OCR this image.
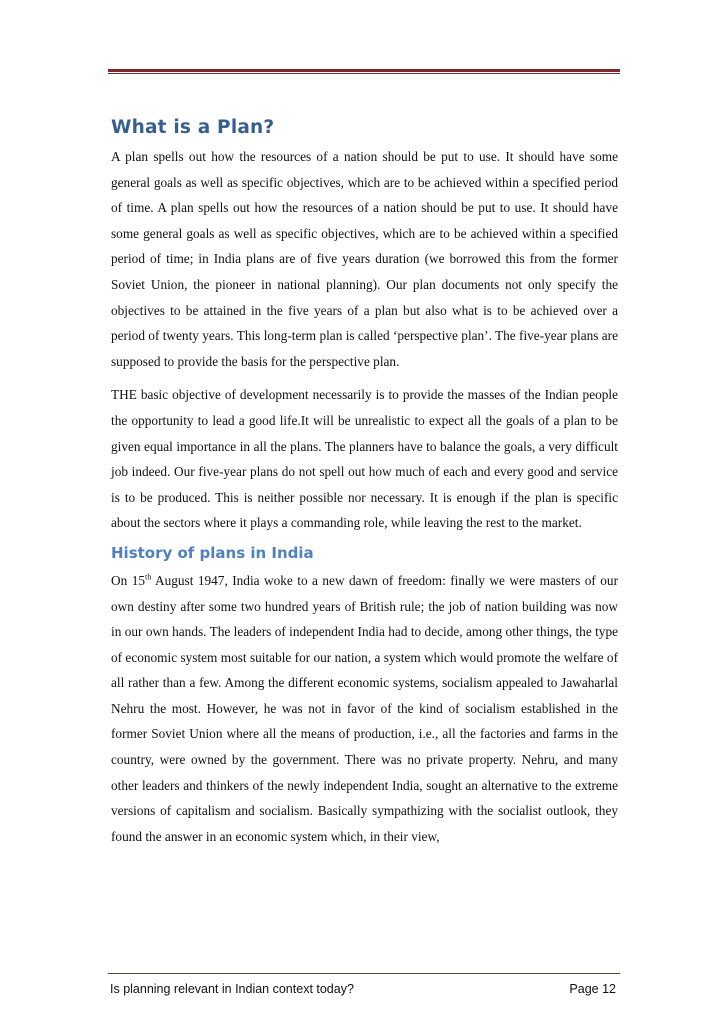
What is a Plan?

A plan spells out how the resources of a nation should be put to use. It should have some general goals as well as specific objectives, which are to be achieved within a specified period of time. A plan spells out how the resources of a nation should be put to use. It should have some general goals as well as specific objectives, which are to be achieved within a specified period of time; in India plans are of five years duration (we borrowed this from the former Soviet Union, the pioneer in national planning). Our plan documents not only specify the objectives to be attained in the five years of a plan but also what is to be achieved over a period of twenty years. This long-term plan is called ‘perspective plan’. The five-year plans are supposed to provide the basis for the perspective plan.

THE basic objective of development necessarily is to provide the masses of the Indian people the opportunity to lead a good life.It will be unrealistic to expect all the goals of a plan to be given equal importance in all the plans. The planners have to balance the goals, a very difficult job indeed. Our five-year plans do not spell out how much of each and every good and service is to be produced. This is neither possible nor necessary. It is enough if the plan is specific about the sectors where it plays a commanding role, while leaving the rest to the market.

History of plans in India

On 15th August 1947, India woke to a new dawn of freedom: finally we were masters of our own destiny after some two hundred years of British rule; the job of nation building was now in our own hands. The leaders of independent India had to decide, among other things, the type of economic system most suitable for our nation, a system which would promote the welfare of all rather than a few. Among the different economic systems, socialism appealed to Jawaharlal Nehru the most. However, he was not in favor of the kind of socialism established in the former Soviet Union where all the means of production, i.e., all the factories and farms in the country, were owned by the government. There was no private property. Nehru, and many other leaders and thinkers of the newly independent India, sought an alternative to the extreme versions of capitalism and socialism. Basically sympathizing with the socialist outlook, they found the answer in an economic system which, in their view,

Is planning relevant in Indian context today?	Page 12
